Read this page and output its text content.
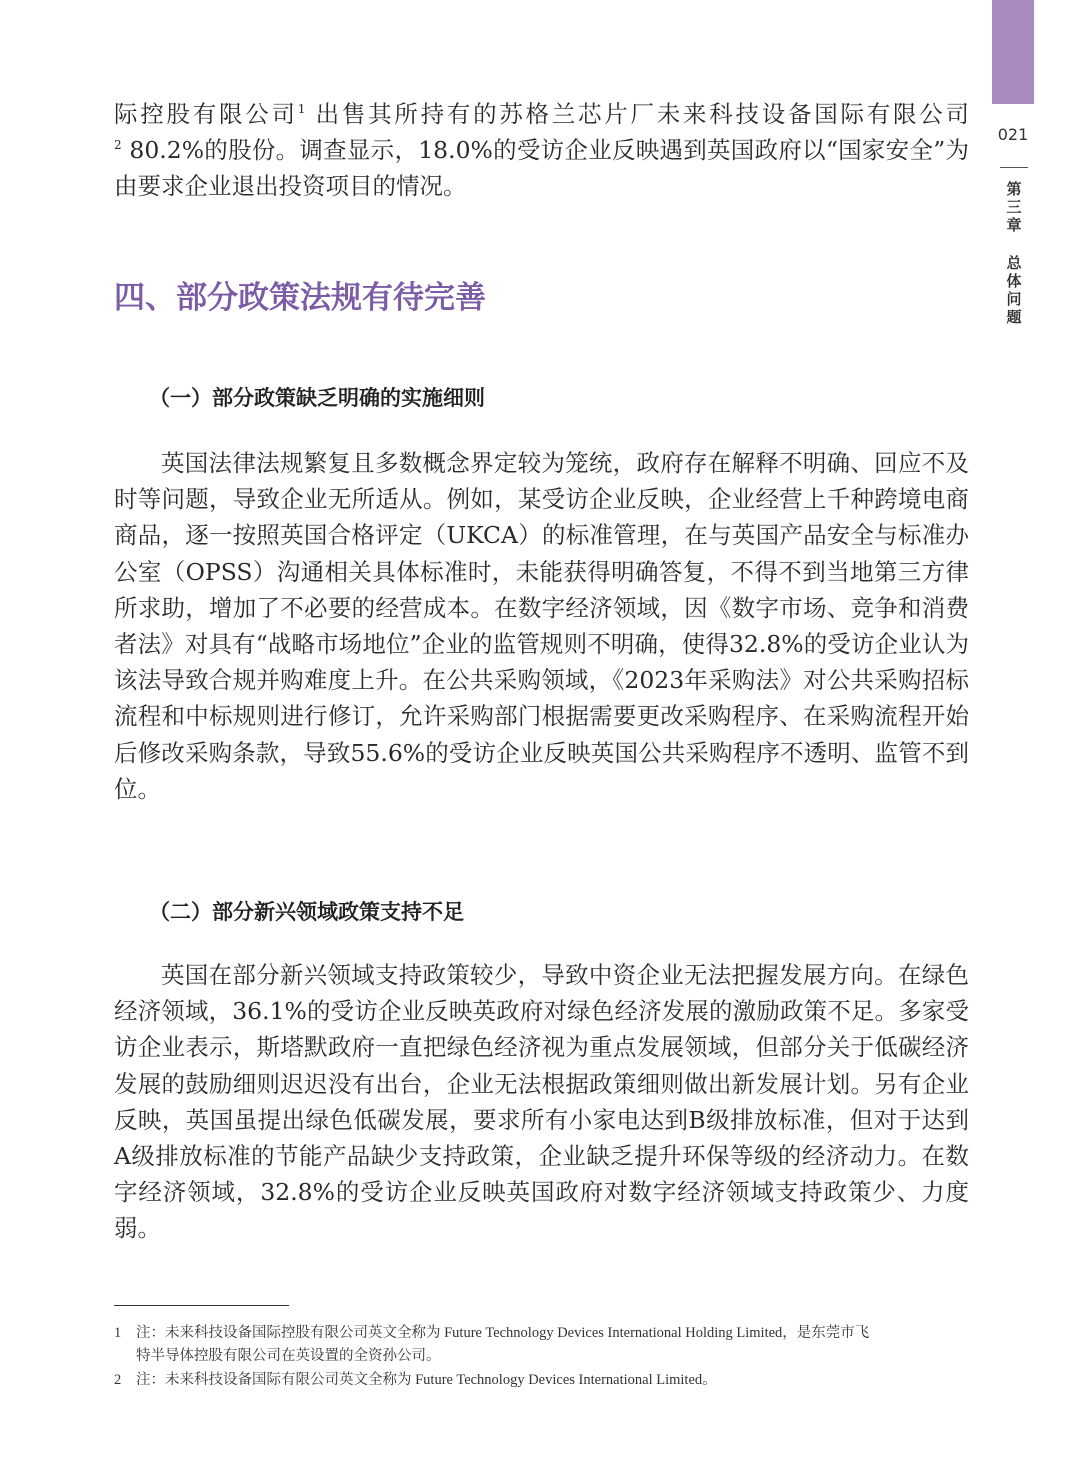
021
第三章
总体问题

际控股有限公司$^1$ 出售其所持有的苏格兰芯片厂未来科技设备国际有限公司$^2$ 80.2%的股份。调查显示，18.0%的受访企业反映遇到英国政府以“国家安全”为由要求企业退出投资项目的情况。

四、部分政策法规有待完善
（一）部分政策缺乏明确的实施细则

英国法律法规繁复且多数概念界定较为笼统，政府存在解释不明确、回应不及时等问题，导致企业无所适从。例如，某受访企业反映，企业经营上千种跨境电商商品，逐一按照英国合格评定（UKCA）的标准管理，在与英国产品安全与标准办公室（OPSS）沟通相关具体标准时，未能获得明确答复，不得不到当地第三方律所求助，增加了不必要的经营成本。在数字经济领域，因《数字市场、竞争和消费者法》对具有“战略市场地位”企业的监管规则不明确，使得32.8%的受访企业认为该法导致合规并购难度上升。在公共采购领域，《2023年采购法》对公共采购招标流程和中标规则进行修订，允许采购部门根据需要更改采购程序、在采购流程开始后修改采购条款，导致55.6%的受访企业反映英国公共采购程序不透明、监管不到位。

（二）部分新兴领域政策支持不足

英国在部分新兴领域支持政策较少，导致中资企业无法把握发展方向。在绿色经济领域，36.1%的受访企业反映英政府对绿色经济发展的激励政策不足。多家受访企业表示，斯塔默政府一直把绿色经济视为重点发展领域，但部分关于低碳经济发展的鼓励细则迟迟没有出台，企业无法根据政策细则做出新发展计划。另有企业反映，英国虽提出绿色低碳发展，要求所有小家电达到B级排放标准，但对于达到A级排放标准的节能产品缺少支持政策，企业缺乏提升环保等级的经济动力。在数字经济领域，32.8%的受访企业反映英国政府对数字经济领域支持政策少、力度弱。

1 注：未来科技设备国际控股有限公司英文全称为 Future Technology Devices International Holding Limited，是东莞市飞
特半导体控股有限公司在英设置的全资孙公司。
2 注：未来科技设备国际有限公司英文全称为 Future Technology Devices International Limited。
